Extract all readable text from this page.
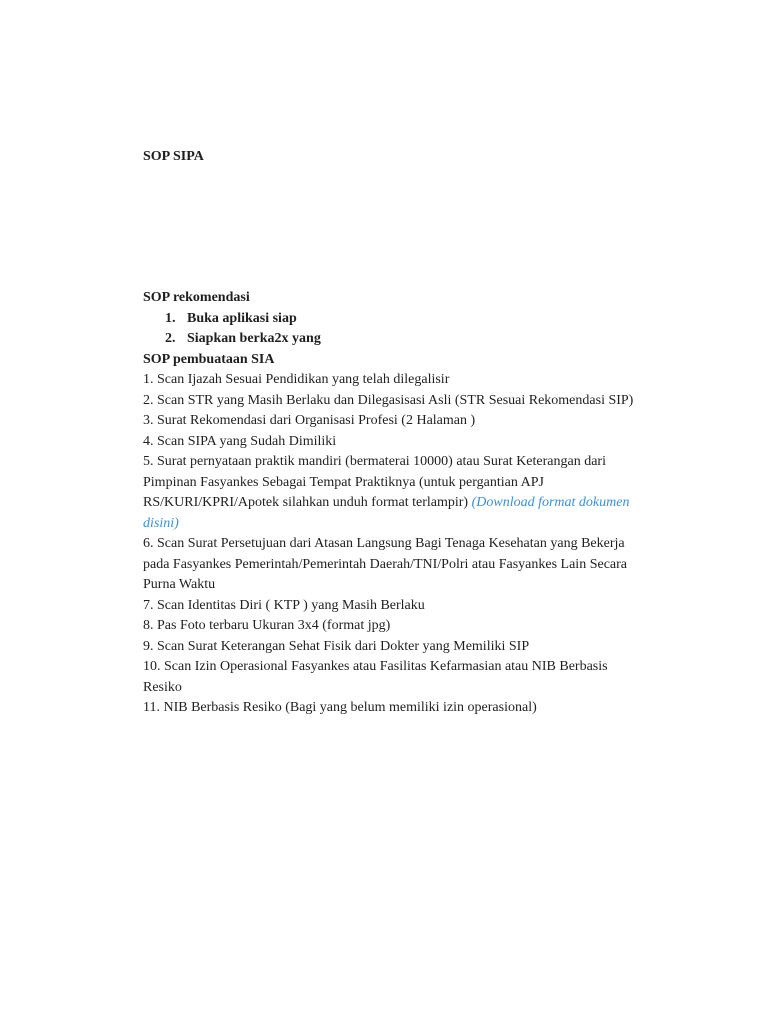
SOP SIPA

SOP rekomendasi

1. Buka aplikasi siap
2. Siapkan berka2x yang

SOP pembuataan SIA

1. Scan Ijazah Sesuai Pendidikan yang telah dilegalisir
2. Scan STR yang Masih Berlaku dan Dilegasisasi Asli (STR Sesuai Rekomendasi SIP)
3. Surat Rekomendasi dari Organisasi Profesi (2 Halaman )
4. Scan SIPA yang Sudah Dimiliki
5. Surat pernyataan praktik mandiri (bermaterai 10000) atau Surat Keterangan dari Pimpinan Fasyankes Sebagai Tempat Praktiknya (untuk pergantian APJ RS/KURI/KPRI/Apotek silahkan unduh format terlampir) (Download format dokumen disini)
6. Scan Surat Persetujuan dari Atasan Langsung Bagi Tenaga Kesehatan yang Bekerja pada Fasyankes Pemerintah/Pemerintah Daerah/TNI/Polri atau Fasyankes Lain Secara Purna Waktu
7. Scan Identitas Diri ( KTP ) yang Masih Berlaku
8. Pas Foto terbaru Ukuran 3x4 (format jpg)
9. Scan Surat Keterangan Sehat Fisik dari Dokter yang Memiliki SIP
10. Scan Izin Operasional Fasyankes atau Fasilitas Kefarmasian atau NIB Berbasis Resiko
11. NIB Berbasis Resiko (Bagi yang belum memiliki izin operasional)
